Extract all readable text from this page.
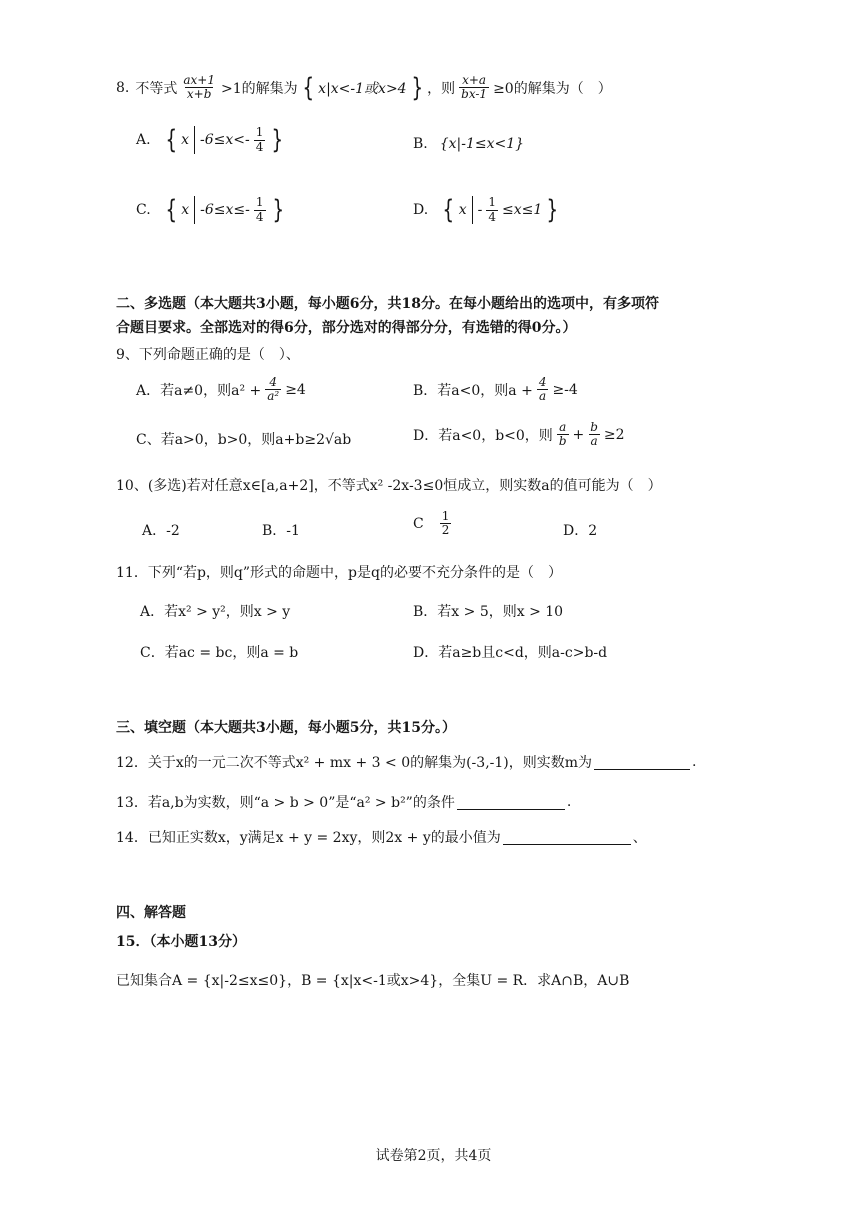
8. 不等式 $\frac{ax+1}{x+b} >1$的解集为 { x|x<-1或x>4 } ，则 $\frac{x+a}{bx-1} \ge 0$的解集为（　）
A. { x $-6\le x<- \frac{1}{4}$ }	B. {x|-1≤x<1}
C. { x $-6\le x\le- \frac{1}{4}$ }	D. { $x - \frac{1}{4} \le x\le 1$ }
二、多选题（本大题共3小题，每小题6分，共18分。在每小题给出的选项中，有多项符
合题目要求。全部选对的得6分，部分选对的得部分分，有选错的得0分。）
9、下列命题正确的是（　）、
A．若a≠0，则$a^2 + \frac{4}{\text{a²}} \ge 4$	B．若a<0，则$a + \frac{4}{a} \ge-4$
C、若a>0，b>0，则a+b≥2√ab	D．若a<0，b<0，则 $\frac{a}{b} + \frac{b}{a} \ge 2$
10、(多选)若对任意x∈[a,a+2]，不等式x² -2x-3≤0恒成立，则实数a的值可能为（　）
A．-2	B．-1	C $\frac{1}{2}$	D．2
11．下列“若p，则q”形式的命题中，p是q的必要不充分条件的是（　）
A．若x² > y²，则x > y	B．若x > 5，则x > 10
C．若ac = bc，则a = b	D．若a≥b且c<d，则a-c>b-d
三、填空题（本大题共3小题，每小题5分，共15分。）
12．关于x的一元二次不等式x² + mx + 3 < 0的解集为(-3,-1)，则实数m为	.
13．若a,b为实数，则“a > b > 0”是“a² > b²”的条件	.
14．已知正实数x，y满足x + y = 2xy，则2x + y的最小值为	、
四、解答题
15．（本小题13分）
已知集合A = {x|-2≤x≤0}，B = {x|x<-1或x>4}，全集U = R．求A∩B，A∪B
试卷第2页，共4页
